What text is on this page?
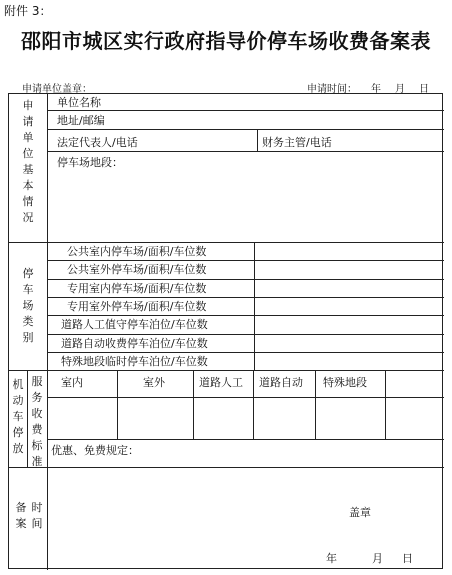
附件 3：
邵阳市城区实行政府指导价停车场收费备案表
申请单位盖章：	申请时间： 年 月 日
申请单位基本情况
单位名称
地址/邮编
法定代表人/电话	财务主管/电话
停车场地段：
停车场类别
公共室内停车场/面积/车位数
公共室外停车场/面积/车位数
专用室内停车场/面积/车位数
专用室外停车场/面积/车位数
道路人工值守停车泊位/车位数
道路自动收费停车泊位/车位数
特殊地段临时停车泊位/车位数
机动车停放
服务收费标准
室内	室外	道路人工 道路自动 特殊地段
优惠、免费规定：
备案
时间
盖章
年	月 日
